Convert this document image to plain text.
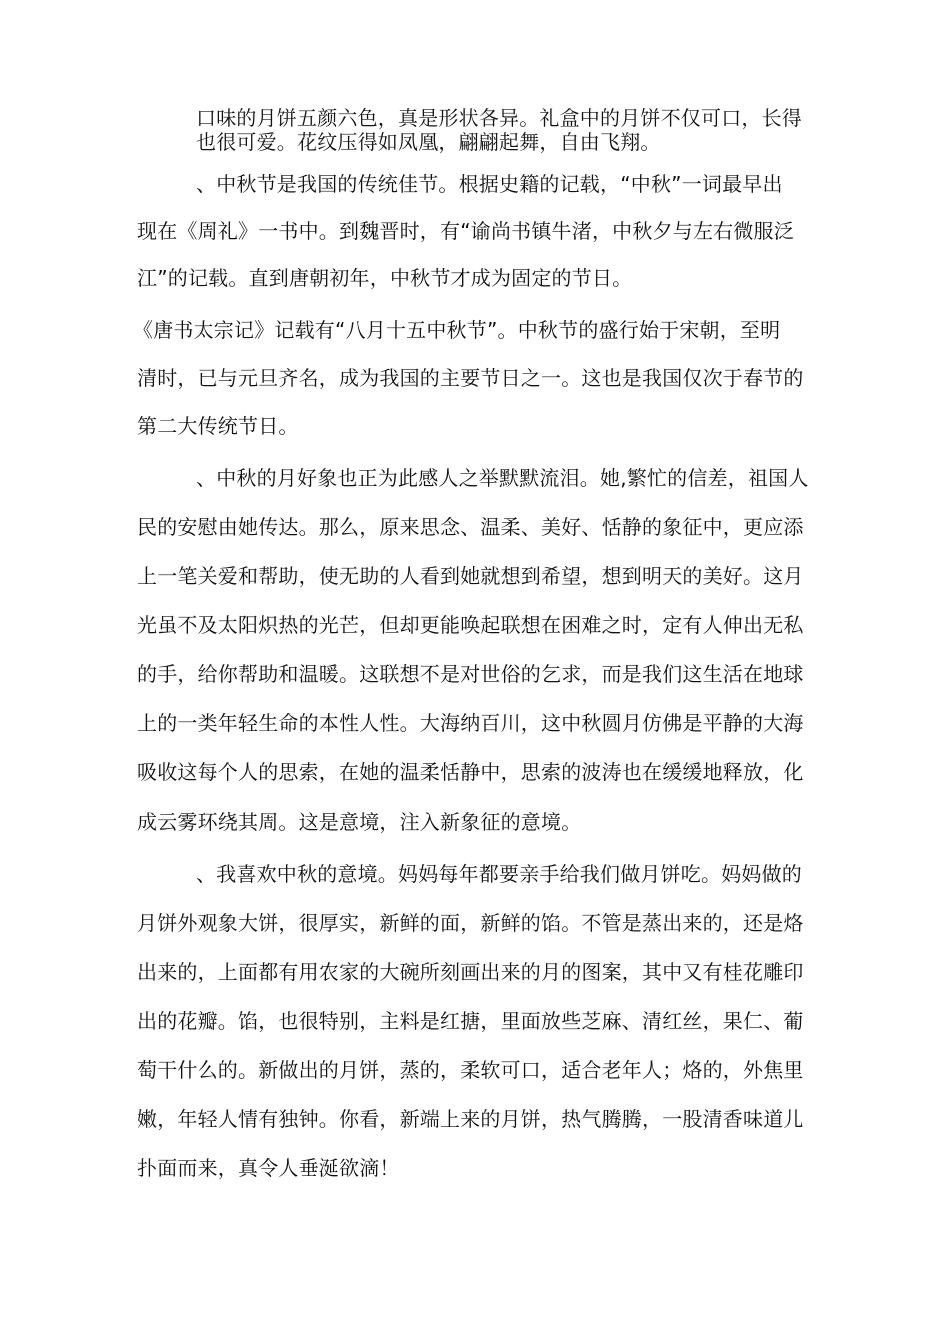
口味的月饼五颜六色，真是形状各异。礼盒中的月饼不仅可口，长得
也很可爱。花纹压得如凤凰，翩翩起舞，自由飞翔。
、中秋节是我国的传统佳节。根据史籍的记载，“中秋”一词最早出
现在《周礼》一书中。到魏晋时，有“谕尚书镇牛渚，中秋夕与左右微服泛
江”的记载。直到唐朝初年，中秋节才成为固定的节日。
《唐书太宗记》记载有“八月十五中秋节”。中秋节的盛行始于宋朝，至明
清时，已与元旦齐名，成为我国的主要节日之一。这也是我国仅次于春节的
第二大传统节日。
、中秋的月好象也正为此感人之举默默流泪。她,繁忙的信差，祖国人
民的安慰由她传达。那么，原来思念、温柔、美好、恬静的象征中，更应添
上一笔关爱和帮助，使无助的人看到她就想到希望，想到明天的美好。这月
光虽不及太阳炽热的光芒，但却更能唤起联想在困难之时，定有人伸出无私
的手，给你帮助和温暖。这联想不是对世俗的乞求，而是我们这生活在地球
上的一类年轻生命的本性人性。大海纳百川，这中秋圆月仿佛是平静的大海
吸收这每个人的思索，在她的温柔恬静中，思索的波涛也在缓缓地释放，化
成云雾环绕其周。这是意境，注入新象征的意境。
、我喜欢中秋的意境。妈妈每年都要亲手给我们做月饼吃。妈妈做的
月饼外观象大饼，很厚实，新鲜的面，新鲜的馅。不管是蒸出来的，还是烙
出来的，上面都有用农家的大碗所刻画出来的月的图案，其中又有桂花雕印
出的花瓣。馅，也很特别，主料是红搪，里面放些芝麻、清红丝，果仁、葡
萄干什么的。新做出的月饼，蒸的，柔软可口，适合老年人；烙的，外焦里
嫩，年轻人情有独钟。你看，新端上来的月饼，热气腾腾，一股清香味道儿
扑面而来，真令人垂涎欲滴！
